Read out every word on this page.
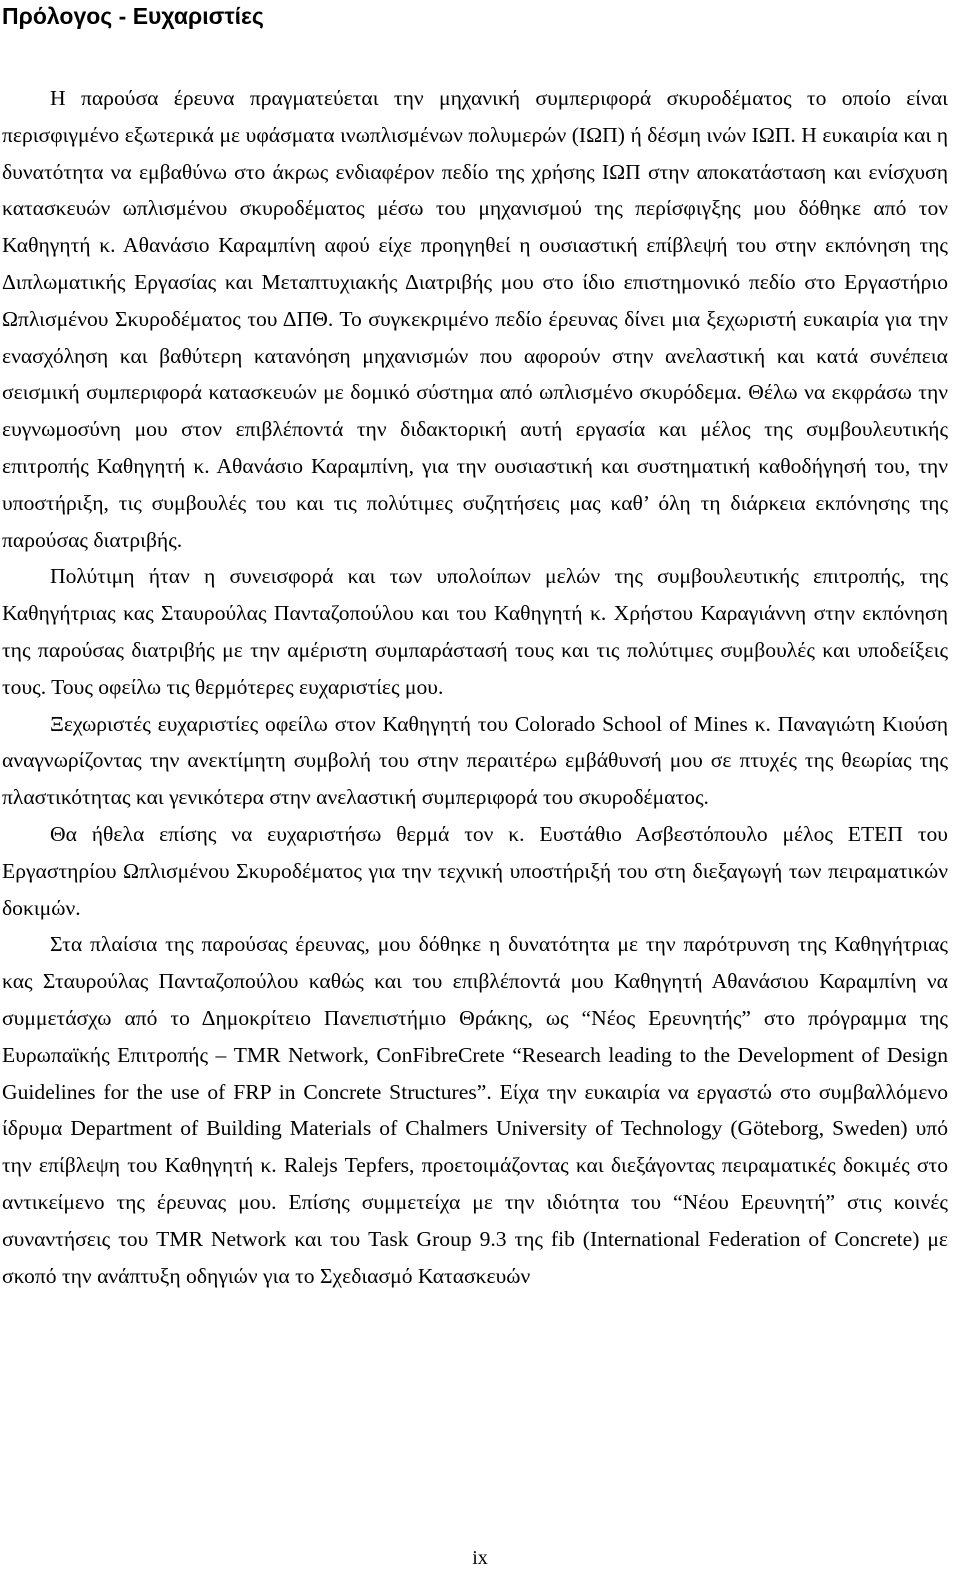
Πρόλογος - Ευχαριστίες

Η παρούσα έρευνα πραγματεύεται την μηχανική συμπεριφορά σκυροδέματος το οποίο είναι περισφιγμένο εξωτερικά με υφάσματα ινωπλισμένων πολυμερών (ΙΩΠ) ή δέσμη ινών ΙΩΠ. Η ευκαιρία και η δυνατότητα να εμβαθύνω στο άκρως ενδιαφέρον πεδίο της χρήσης ΙΩΠ στην αποκατάσταση και ενίσχυση κατασκευών ωπλισμένου σκυροδέματος μέσω του μηχανισμού της περίσφιγξης μου δόθηκε από τον Καθηγητή κ. Αθανάσιο Καραμπίνη αφού είχε προηγηθεί η ουσιαστική επίβλεψή του στην εκπόνηση της Διπλωματικής Εργασίας και Μεταπτυχιακής Διατριβής μου στο ίδιο επιστημονικό πεδίο στο Εργαστήριο Ωπλισμένου Σκυροδέματος του ΔΠΘ. Το συγκεκριμένο πεδίο έρευνας δίνει μια ξεχωριστή ευκαιρία για την ενασχόληση και βαθύτερη κατανόηση μηχανισμών που αφορούν στην ανελαστική και κατά συνέπεια σεισμική συμπεριφορά κατασκευών με δομικό σύστημα από ωπλισμένο σκυρόδεμα. Θέλω να εκφράσω την ευγνωμοσύνη μου στον επιβλέποντά την διδακτορική αυτή εργασία και μέλος της συμβουλευτικής επιτροπής Καθηγητή κ. Αθανάσιο Καραμπίνη, για την ουσιαστική και συστηματική καθοδήγησή του, την υποστήριξη, τις συμβουλές του και τις πολύτιμες συζητήσεις μας καθ’ όλη τη διάρκεια εκπόνησης της παρούσας διατριβής.

Πολύτιμη ήταν η συνεισφορά και των υπολοίπων μελών της συμβουλευτικής επιτροπής, της Καθηγήτριας κας Σταυρούλας Πανταζοπούλου και του Καθηγητή κ. Χρήστου Καραγιάννη στην εκπόνηση της παρούσας διατριβής με την αμέριστη συμπαράστασή τους και τις πολύτιμες συμβουλές και υποδείξεις τους. Τους οφείλω τις θερμότερες ευχαριστίες μου.

Ξεχωριστές ευχαριστίες οφείλω στον Καθηγητή του Colorado School of Mines κ. Παναγιώτη Κιούση αναγνωρίζοντας την ανεκτίμητη συμβολή του στην περαιτέρω εμβάθυνσή μου σε πτυχές της θεωρίας της πλαστικότητας και γενικότερα στην ανελαστική συμπεριφορά του σκυροδέματος.

Θα ήθελα επίσης να ευχαριστήσω θερμά τον κ. Ευστάθιο Ασβεστόπουλο μέλος ΕΤΕΠ του Εργαστηρίου Ωπλισμένου Σκυροδέματος για την τεχνική υποστήριξή του στη διεξαγωγή των πειραματικών δοκιμών.

Στα πλαίσια της παρούσας έρευνας, μου δόθηκε η δυνατότητα με την παρότρυνση της Καθηγήτριας κας Σταυρούλας Πανταζοπούλου καθώς και του επιβλέποντά μου Καθηγητή Αθανάσιου Καραμπίνη να συμμετάσχω από το Δημοκρίτειο Πανεπιστήμιο Θράκης, ως “Νέος Ερευνητής” στο πρόγραμμα της Ευρωπαϊκής Επιτροπής – TMR Network, ConFibreCrete “Research leading to the Development of Design Guidelines for the use of FRP in Concrete Structures”. Είχα την ευκαιρία να εργαστώ στο συμβαλλόμενο ίδρυμα Department of Building Materials of Chalmers University of Technology (Göteborg, Sweden) υπό την επίβλεψη του Καθηγητή κ. Ralejs Tepfers, προετοιμάζοντας και διεξάγοντας πειραματικές δοκιμές στο αντικείμενο της έρευνας μου. Επίσης συμμετείχα με την ιδιότητα του “Νέου Ερευνητή” στις κοινές συναντήσεις του TMR Network και του Task Group 9.3 της fib (International Federation of Concrete) με σκοπό την ανάπτυξη οδηγιών για το Σχεδιασμό Κατασκευών

ix
